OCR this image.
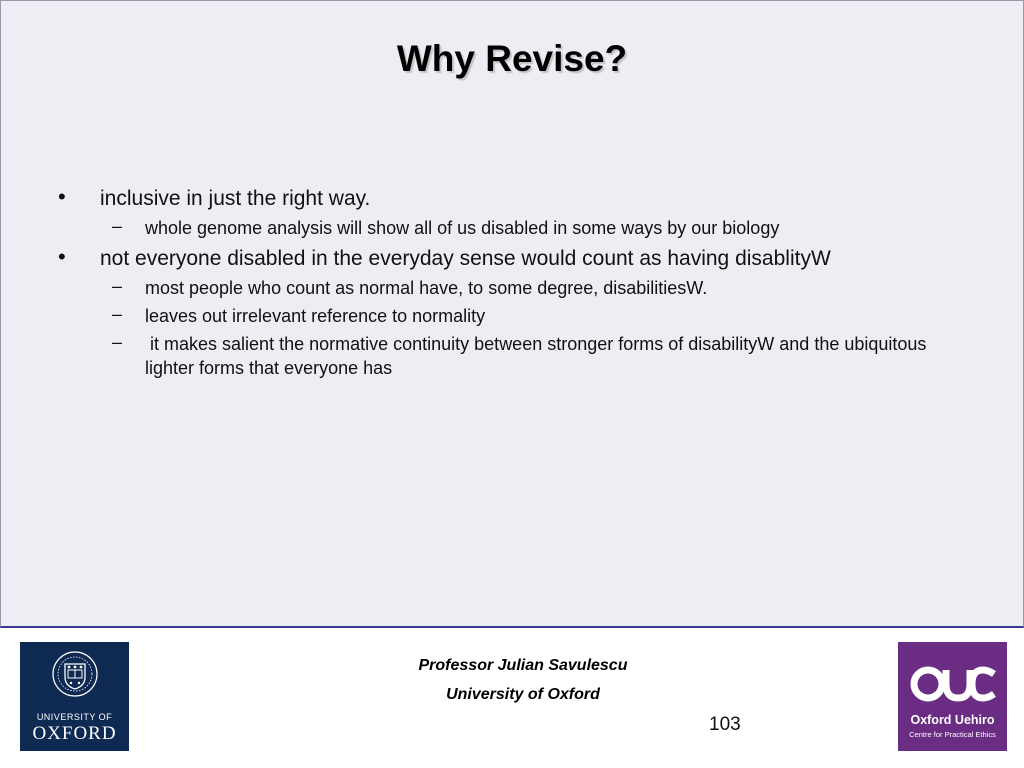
Why Revise?
• inclusive in just the right way.
– whole genome analysis will show all of us disabled in some ways by our biology
• not everyone disabled in the everyday sense would count as having disablityW
– most people who count as normal have, to some degree, disabilitiesW.
– leaves out irrelevant reference to normality
– it makes salient the normative continuity between stronger forms of disabilityW and the ubiquitous lighter forms that everyone has
Professor Julian Savulescu
University of Oxford
103
UNIVERSITY OF
OXFORD
Oxford Uehiro
Centre for Practical Ethics
